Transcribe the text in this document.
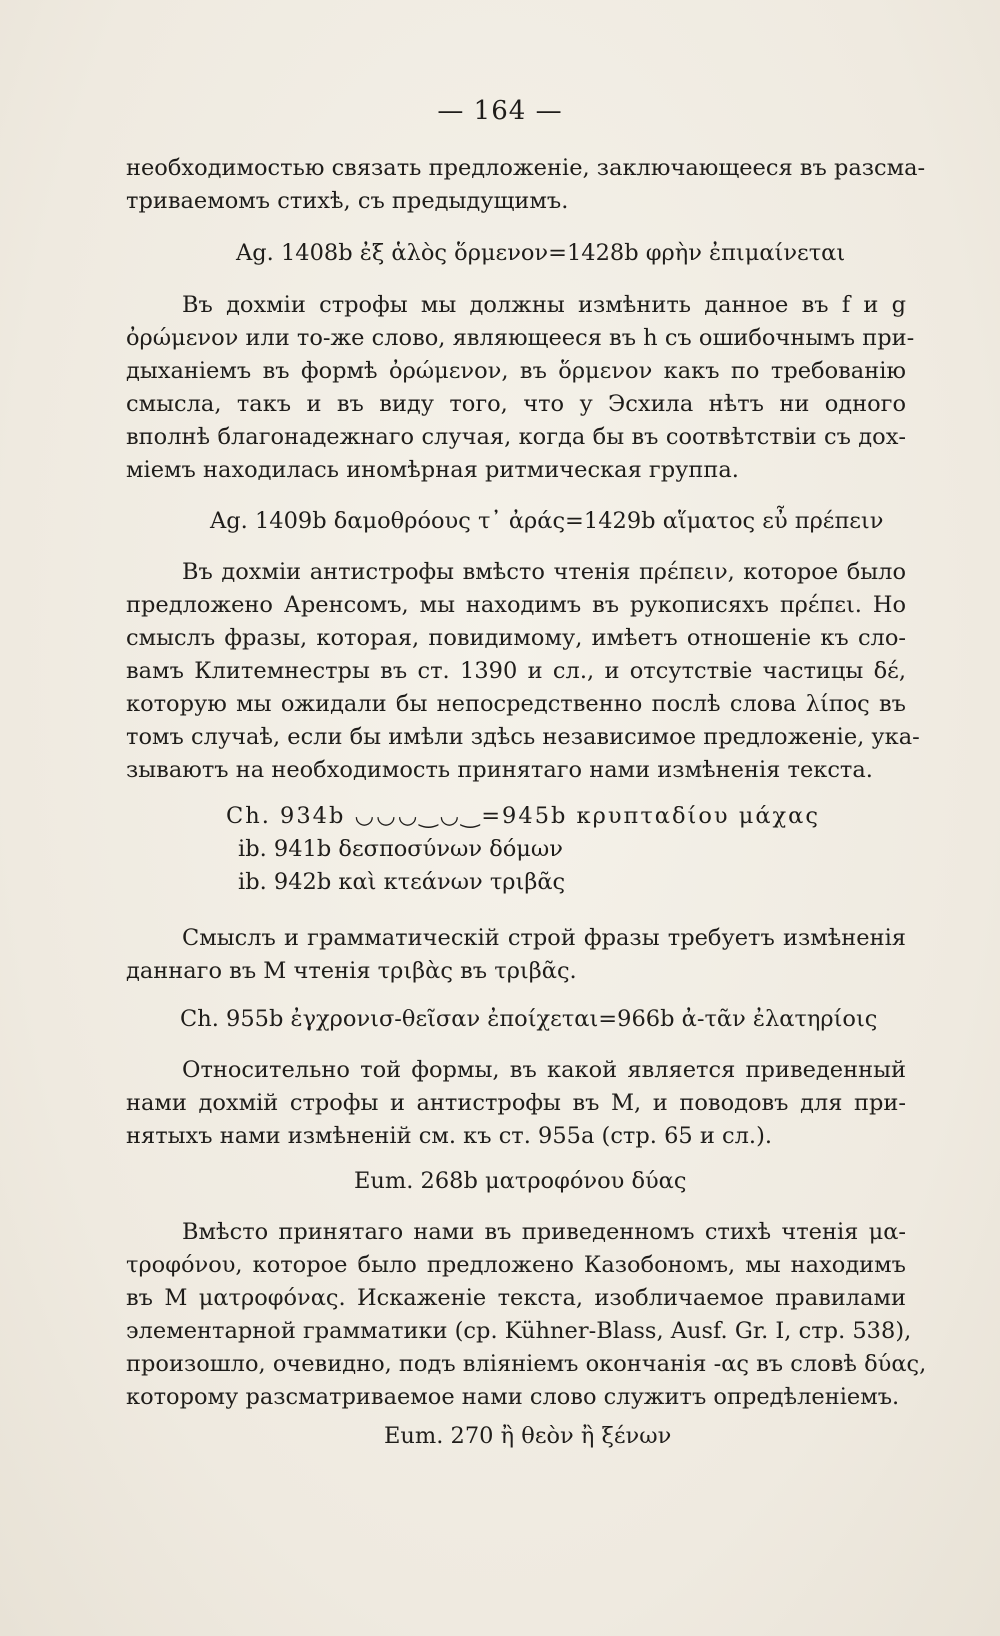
— 164 —
необходимостью связать предложеніе, заключающееся въ разсма-
триваемомъ стихѣ, съ предыдущимъ.
Ag. 1408b ἐξ ἁλὸς ὅρμενον=1428b φρὴν ἐπιμαίνεται
Въ дохміи строфы мы должны измѣнить данное въ f и g
ὀρώμενον или то-же слово, являющееся въ h съ ошибочнымъ при-
дыханіемъ въ формѣ ὀρώμενον, въ ὅρμενον какъ по требованію
смысла, такъ и въ виду того, что у Эсхила нѣтъ ни одного
вполнѣ благонадежнаго случая, когда бы въ соотвѣтствіи съ дох-
міемъ находилась иномѣрная ритмическая группа.
Ag. 1409b δαμοθρόους τ᾽ ἀράς=1429b αἵματος εὖ πρέπειν
Въ дохміи антистрофы вмѣсто чтенія πρέπειν, которое было
предложено Аренсомъ, мы находимъ въ рукописяхъ πρέπει. Но
смыслъ фразы, которая, повидимому, имѣетъ отношеніе къ сло-
вамъ Клитемнестры въ ст. 1390 и сл., и отсутствіе частицы δέ,
которую мы ожидали бы непосредственно послѣ слова λίπος въ
томъ случаѣ, если бы имѣли здѣсь независимое предложеніе, ука-
зываютъ на необходимость принятаго нами измѣненія текста.
Ch. 934b ◡◡◡‿◡‿=945b κρυπταδίου μάχας
ib. 941b δεσποσύνων δόμων
ib. 942b καὶ κτεάνων τριβᾶς
Смыслъ и грамматическій строй фразы требуетъ измѣненія
даннаго въ М чтенія τριβὰς въ τριβᾶς.
Ch. 955b ἐγχρονισ-θεῖσαν ἐποίχεται=966b ἀ-τᾶν ἐλατηρίοις
Относительно той формы, въ какой является приведенный
нами дохмій строфы и антистрофы въ М, и поводовъ для при-
нятыхъ нами измѣненій см. къ ст. 955a (стр. 65 и сл.).
Eum. 268b ματροφόνου δύας
Вмѣсто принятаго нами въ приведенномъ стихѣ чтенія μα-
τροφόνου, которое было предложено Казобономъ, мы находимъ
въ М ματροφόνας. Искаженіе текста, изобличаемое правилами
элементарной грамматики (ср. Kühner-Blass, Ausf. Gr. I, стр. 538),
произошло, очевидно, подъ вліяніемъ окончанія -ας въ словѣ δύας,
которому разсматриваемое нами слово служитъ опредѣленіемъ.
Eum. 270 ἢ θεὸν ἢ ξένων
